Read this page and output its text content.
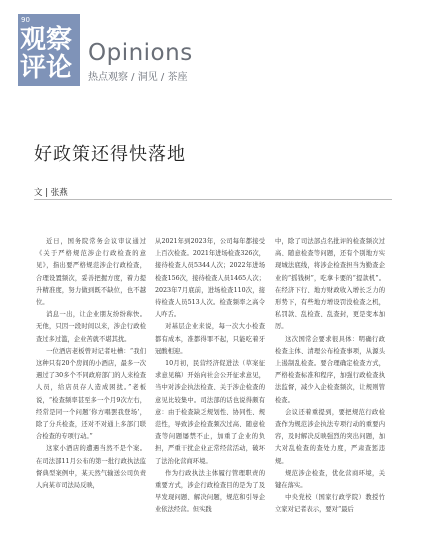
90
观察
评论 Opinions
热点观察 / 洞见 / 茶座
好政策还得快落地
文 | 张燕

近日，国务院常务会议审议通过《关于严格规范涉企行政检查的意见》，指出要严格规范涉企行政检查，合理设置频次，妥善把握方度，着力提升精准度，努力做到既不缺位，也不越位。

消息一出，让企业朋友纷纷称快。无他，只因一段时间以来，涉企行政检查过多过滥，企业苦就不堪其扰。

一位酒店老板曾对记者吐槽：“我们这种只有20个房间的小酒店，最多一次遇过了30多个不同政府部门的人来检查人员，给店员存人造成困扰。”老板说，“检查频率甚至多一个月9次左右，经常是同一个问题‘你方唱罢我登场’，除了分兵检查，还对不对通上多部门联合检查的专项行动。”

这家小酒店的遭遇当然不是个案。在司法部11月公布的第一批行政执法监督典型案例中，某天然气输送公司负责人向某市司法局反映，

从2021年到2023年，公司每年都接受上百次检查。2021年进场检查326次，接待检查人员5344人次；2022年进场检查156次，接待检查人员1465人次；2023年7月底前，进场检查110次，接待检查人员513人次。检查频率之高令人咋舌。

对基层企业来说，每一次大小检查都有成本，准都得罪不起，只能吃着牙冠酸相迎。

10月初，民营经济促进法（草案征求意见稿）开始向社会公开征求意见，当中对涉企执法检查、关于涉企检查的意见比较集中。司法部的话也说得颇有意：由于检查缺乏规划性、协同性、规范性，导致涉企检查频次过高、随意检查等问题屡禁不止，加重了企业的负担，严重干扰企业正常经营活动，破坏了法治化营商环境。

作为行政执法主体履行管理职责的重要方式，涉企行政检查目的是为了及早发现问题、解决问题，规范和引导企业依法经营。但实践

中，除了司法部点名批评的检查频次过高、随意检查等问题，还有个别地方实现城法底线，将涉企检查担当为勤查企业的“摇钱树”，吃拿卡要的“提款机”。在经济下行、地方财政收入增长乏力的形势下，有些地方增设罚没检查之机，私罚款、乱检查、乱查封，更是变本加厉。

这次国常会要求很具体：明确行政检查主体、清理公布检查事项，从源头上遏制乱检查。要合理确定检查方式，严格检查标准和程序，加强行政检查执法监督，减少入企检查频次，让规则管检查。

会议还着重提到，要把规范行政检查作为规范涉企执法专项行动的重要内容，及时解决反映强烈的突出问题，加大对乱检查的查处力度，严肃查惩违规。

规范涉企检查，优化营商环境，关键在落实。

中央党校（国家行政学院）教授竹立家对记者表示，要对“最后
